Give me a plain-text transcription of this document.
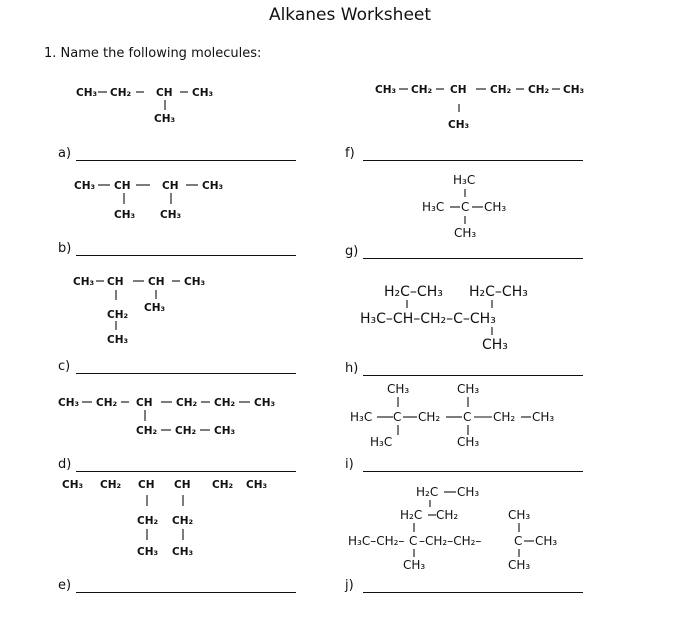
Alkanes Worksheet
1. Name the following molecules:
CH₃ CH₂ CH CH₃
CH₃
CH₃ CH	CH CH₃
CH₃ CH₃
CH₃ CH CH CH₃
CH₂
CH₃
CH₃
CH₃ CH₂ CH CH₂ CH₂ CH₃
CH₂ CH₂ CH₃
CH₃ CH₂ CH CH CH₂ CH₃
CH₂ CH₂
CH₃ CH₃
CH₃ CH₂ CH CH₂ CH₂ CH₃
CH₃
H₃C
H₃C C CH₃
CH₃
H₂C–CH₃ H₂C–CH₃
H₃C–CH–CH₂–C–CH₃
CH₃
CH₃	CH₃
H₃C C CH₂ C CH₂ CH₃
H₃C	CH₃
H₂C CH₃
H₂C CH₂	CH₃
H₃C–CH₂– C –CH₂–CH₂–	C CH₃
CH₃	CH₃
a)
b)
c)
d)
e)
f)
g)
h)
i)
j)
